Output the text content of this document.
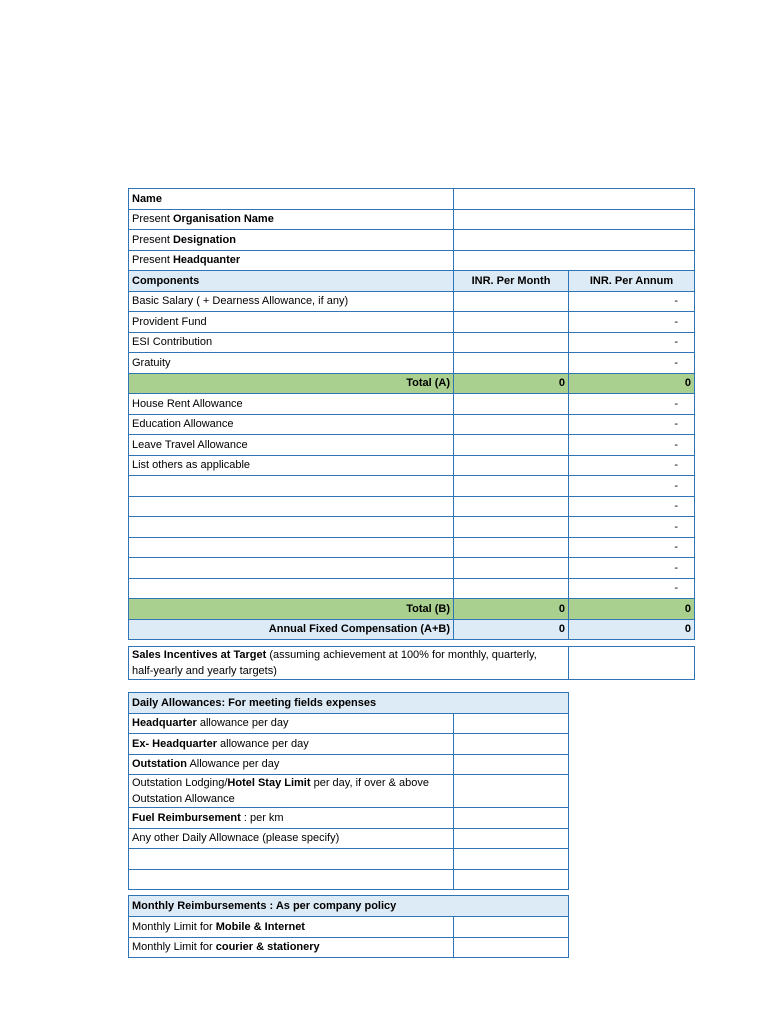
Name		
Present Organisation Name		
Present Designation		
Present Headquanter		
Components	INR. Per Month	INR. Per Annum
Basic Salary ( + Dearness Allowance, if any)		-
Provident Fund		-
ESI Contribution		-
Gratuity		-
Total (A)	0	0
House Rent Allowance		-
Education Allowance		-
Leave Travel Allowance		-
List others as applicable		-
		-
		-
		-
		-
		-
		-
Total (B)	0	0
Annual Fixed Compensation (A+B)	0	0
Sales Incentives at Target (assuming achievement at 100% for monthly, quarterly,
half-yearly and yearly targets)	
Daily Allowances: For meeting fields expenses	
Headquarter allowance per day	
Ex- Headquarter allowance per day	
Outstation Allowance per day	
Outstation Lodging/Hotel Stay Limit per day, if over & above
Outstation Allowance	
Fuel Reimbursement : per km	
Any other Daily Allownace (please specify)	

Monthly Reimbursements : As per company policy	
Monthly Limit for Mobile & Internet	
Monthly Limit for courier & stationery	
